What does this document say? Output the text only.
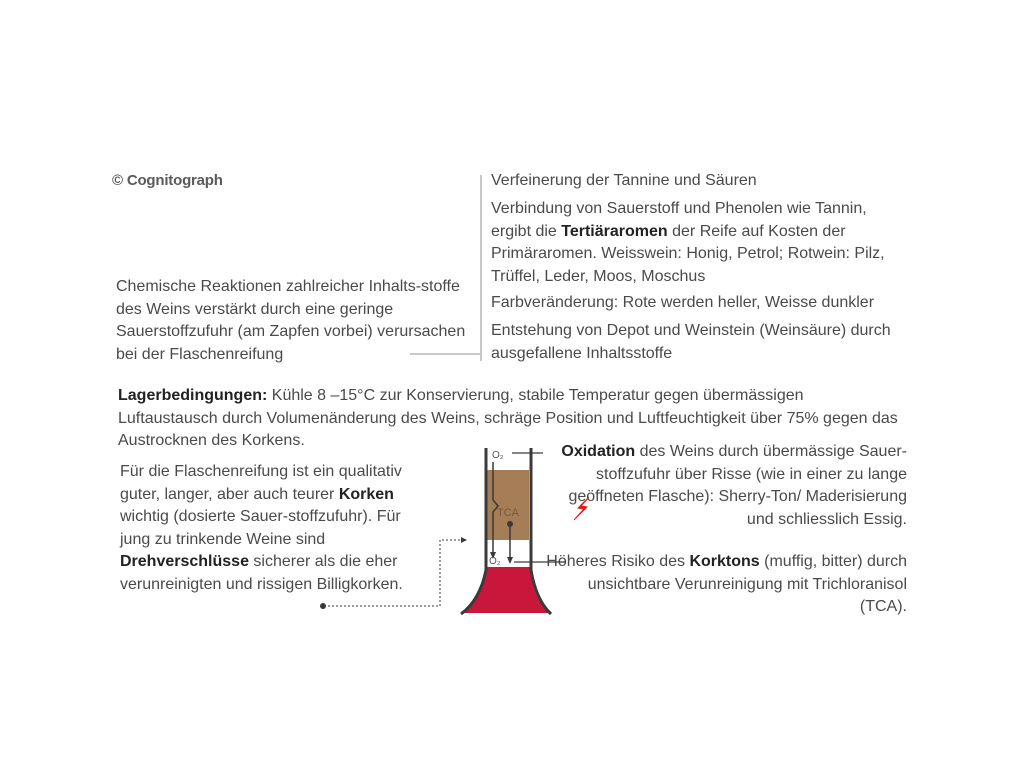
© Cognitograph	Verfeinerung der Tannine und Säuren
Verbindung von Sauerstoff und Phenolen wie Tannin, ergibt die Tertiäraromen der Reife auf Kosten der Primäraromen. Weisswein: Honig, Petrol; Rotwein: Pilz, Trüffel, Leder, Moos, Moschus
Farbveränderung: Rote werden heller, Weisse dunkler
Entstehung von Depot und Weinstein (Weinsäure) durch ausgefallene Inhaltsstoffe
Chemische Reaktionen zahlreicher Inhalts-stoffe des Weins verstärkt durch eine geringe Sauerstoffzufuhr (am Zapfen vorbei) verursachen bei der Flaschenreifung
Lagerbedingungen: Kühle 8 –15°C zur Konservierung, stabile Temperatur gegen übermässigen Luftaustausch durch Volumenänderung des Weins, schräge Position und Luftfeuchtigkeit über 75% gegen das Austrocknen des Korkens.
Für die Flaschenreifung ist ein qualitativ guter, langer, aber auch teurer Korken wichtig (dosierte Sauer-stoffzufuhr). Für jung zu trinkende Weine sind Drehverschlüsse sicherer als die eher verunreinigten und rissigen Billigkorken.
Oxidation des Weins durch übermässige Sauer-stoffzufuhr über Risse (wie in einer zu lange geöffneten Flasche): Sherry-Ton/ Maderisierung und schliesslich Essig.
Höheres Risiko des Korktons (muffig, bitter) durch unsichtbare Verunreinigung mit Trichloranisol (TCA).
O₂
TCA
O₂
